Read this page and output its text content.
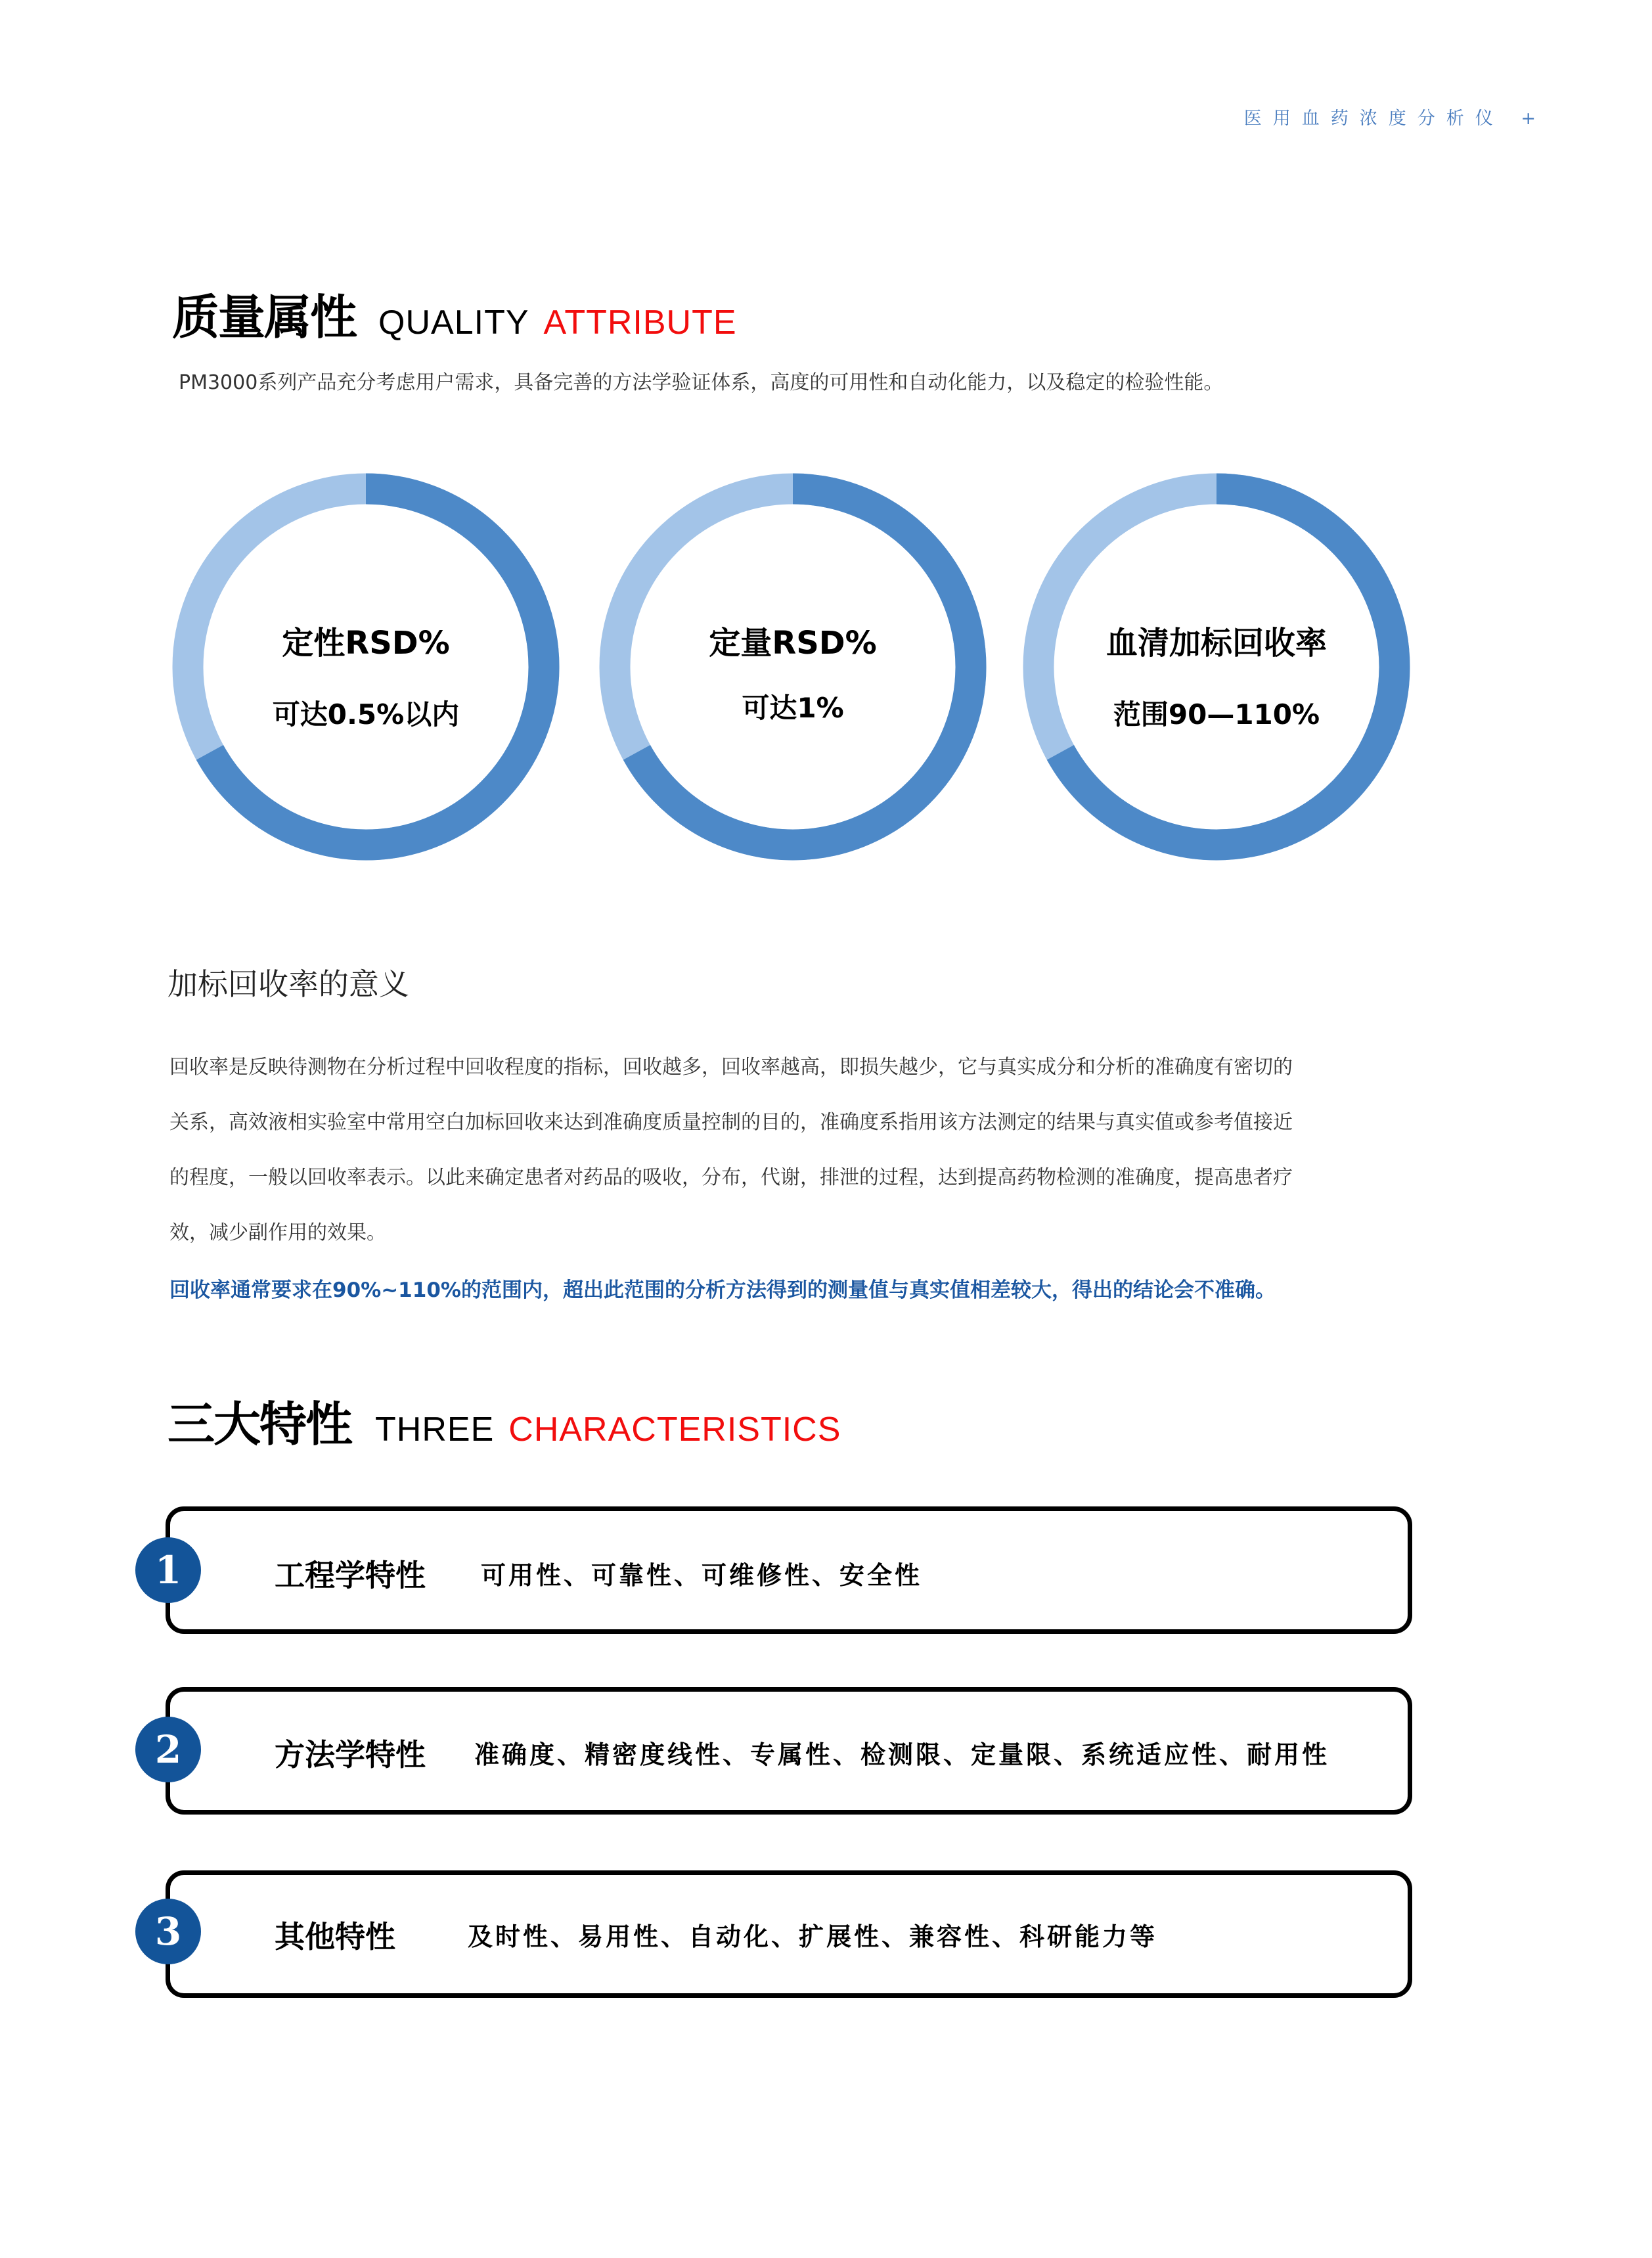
医用血药浓度分析仪 +
质量属性 QUALITY ATTRIBUTE
PM3000系列产品充分考虑用户需求，具备完善的方法学验证体系，高度的可用性和自动化能力，以及稳定的检验性能。
定性RSD%
可达0.5%以内
定量RSD%
可达1%
血清加标回收率
范围90—110%
加标回收率的意义
回收率是反映待测物在分析过程中回收程度的指标，回收越多，回收率越高，即损失越少，它与真实成分和分析的准确度有密切的
关系，高效液相实验室中常用空白加标回收来达到准确度质量控制的目的，准确度系指用该方法测定的结果与真实值或参考值接近
的程度，一般以回收率表示。以此来确定患者对药品的吸收，分布，代谢，排泄的过程，达到提高药物检测的准确度，提高患者疗
效，减少副作用的效果。
回收率通常要求在90%~110%的范围内，超出此范围的分析方法得到的测量值与真实值相差较大，得出的结论会不准确。
三大特性 THREE CHARACTERISTICS
1	工程学特性 可用性、可靠性、可维修性、安全性
2	方法学特性 准确度、精密度线性、专属性、检测限、定量限、系统适应性、耐用性
3	其他特性	及时性、易用性、自动化、扩展性、兼容性、科研能力等
